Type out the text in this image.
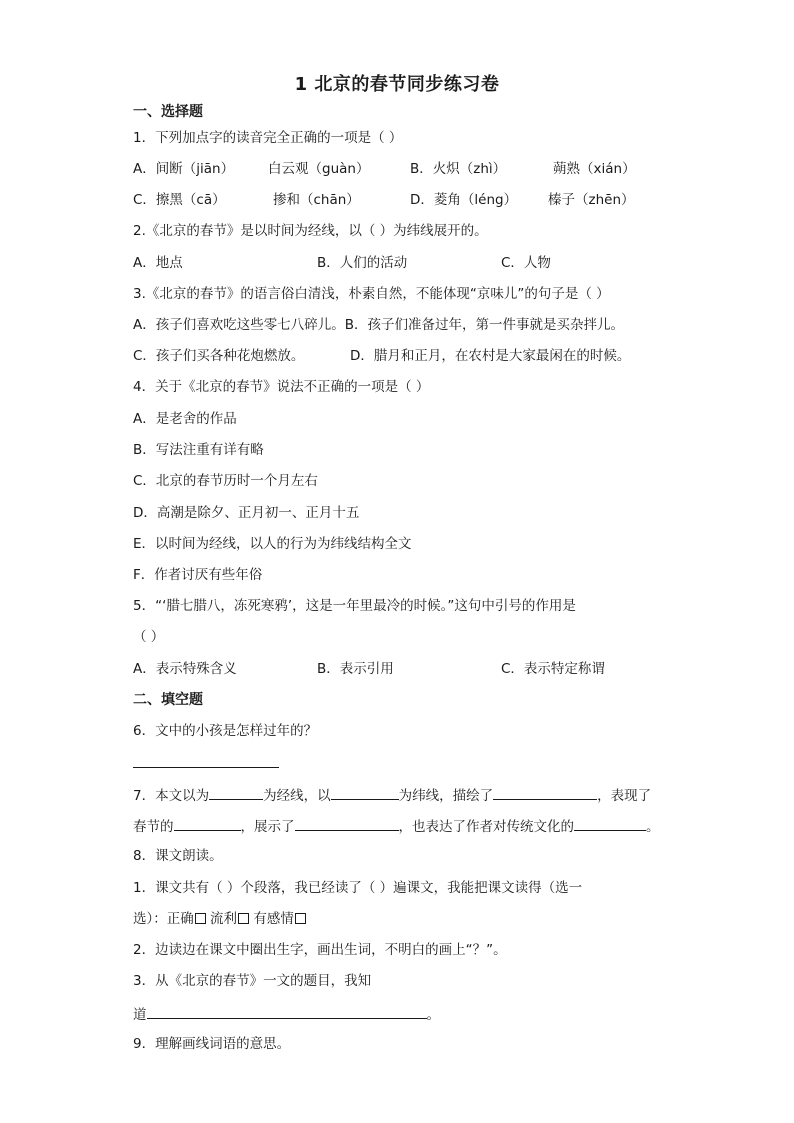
1 北京的春节同步练习卷
一、选择题
1．下列加点字的读音完全正确的一项是（ ）
A．间断（jiān）	白云观（guàn）	B．火炽（zhì）	蒴熟（xián）
C．擦黑（cā）	掺和（chān）	D．菱角（léng） 榛子（zhēn）
2.《北京的春节》是以时间为经线，以（ ）为纬线展开的。
A．地点	B．人们的活动	C．人物
3.《北京的春节》的语言俗白清浅，朴素自然，不能体现“京味儿”的句子是（ ）
A．孩子们喜欢吃这些零七八碎儿。B．孩子们准备过年，第一件事就是买杂拌儿。
C．孩子们买各种花炮燃放。	D．腊月和正月，在农村是大家最闲在的时候。
4．关于《北京的春节》说法不正确的一项是（ ）
A．是老舍的作品
B．写法注重有详有略
C．北京的春节历时一个月左右
D．高潮是除夕、正月初一、正月十五
E．以时间为经线，以人的行为为纬线结构全文
F．作者讨厌有些年俗
5．“‘腊七腊八，冻死寒鸦’，这是一年里最冷的时候。”这句中引号的作用是
（ ）
A．表示特殊含义	B．表示引用	C．表示特定称谓
二、填空题
6．文中的小孩是怎样过年的？
7．本文以为	为经线，以	为纬线，描绘了	，表现了
春节的	，展示了	，也表达了作者对传统文化的	。
8．课文朗读。
1．课文共有（ ）个段落，我已经读了（ ）遍课文，我能把课文读得（选一
选）：正确 流利 有感情
2．边读边在课文中圈出生字，画出生词，不明白的画上“？”。
3．从《北京的春节》一文的题目，我知
道	。
9．理解画线词语的意思。
